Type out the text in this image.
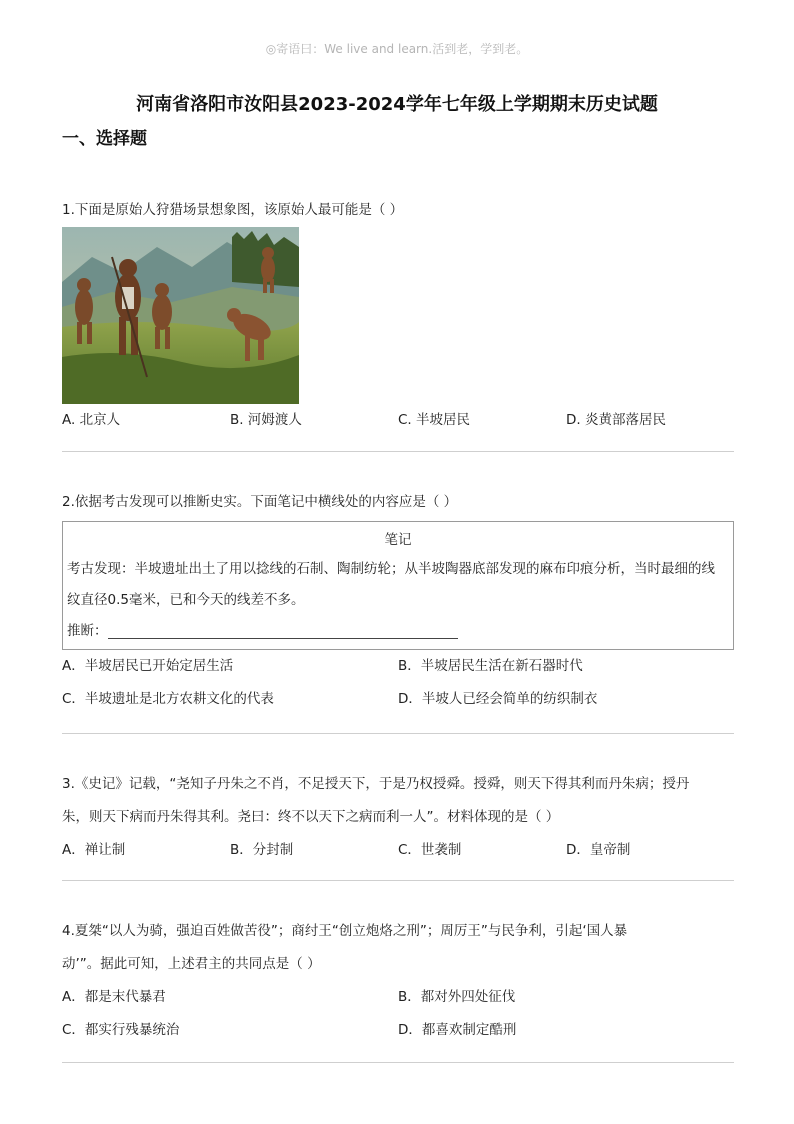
◎寄语曰：We live and learn.活到老，学到老。
河南省洛阳市汝阳县2023-2024学年七年级上学期期末历史试题
一、选择题
1.下面是原始人狩猎场景想象图，该原始人最可能是（ ）
A. 北京人	B. 河姆渡人	C. 半坡居民	D. 炎黄部落居民
2.依据考古发现可以推断史实。下面笔记中横线处的内容应是（ ）
笔记
考古发现：半坡遗址出土了用以捻线的石制、陶制纺轮；从半坡陶器底部发现的麻布印痕分析，当时最细的线
纹直径0.5毫米，已和今天的线差不多。
推断：
A．半坡居民已开始定居生活	B．半坡居民生活在新石器时代
C．半坡遗址是北方农耕文化的代表	D．半坡人已经会简单的纺织制衣
3.《史记》记载，“尧知子丹朱之不肖，不足授天下，于是乃权授舜。授舜，则天下得其利而丹朱病；授丹
朱，则天下病而丹朱得其利。尧曰：终不以天下之病而利一人”。材料体现的是（ ）
A．禅让制	B．分封制	C．世袭制	D．皇帝制
4.夏桀“以人为骑，强迫百姓做苦役”；商纣王“创立炮烙之刑”；周厉王”与民争利，引起‘国人暴
动’”。据此可知，上述君主的共同点是（ ）
A．都是末代暴君	B．都对外四处征伐
C．都实行残暴统治	D．都喜欢制定酷刑
